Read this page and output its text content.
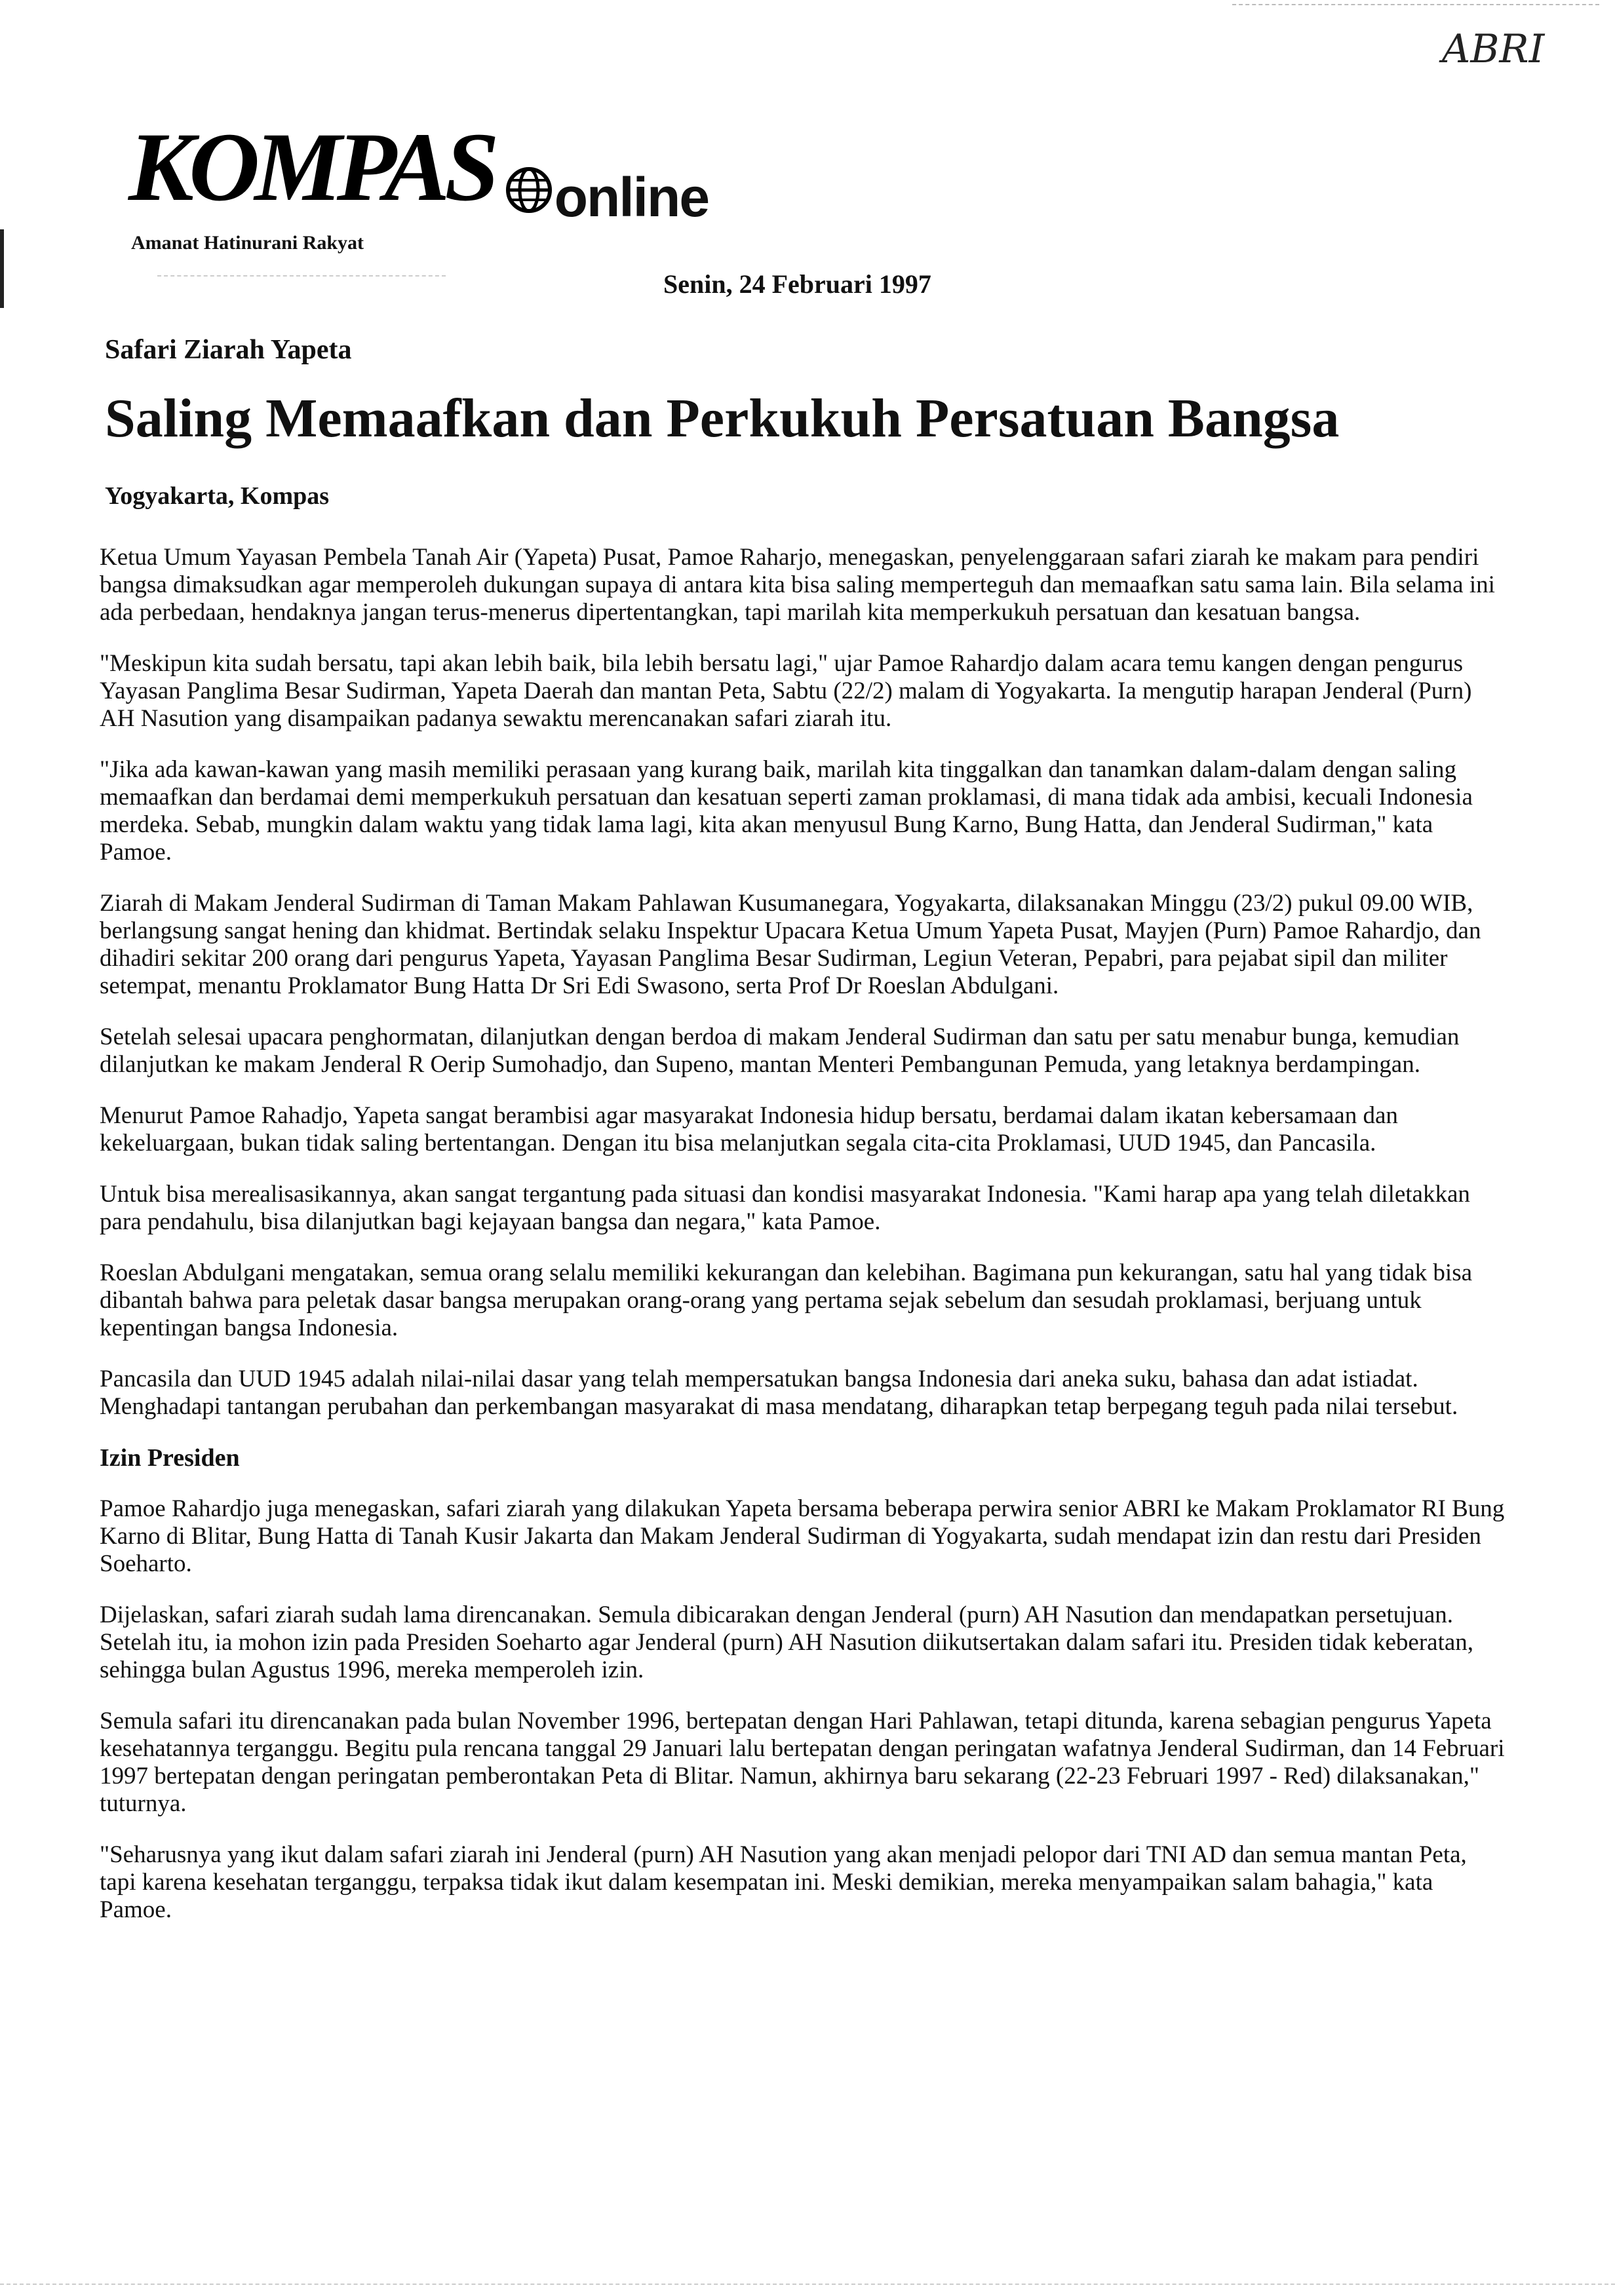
ABRI
KOMPAS online
Amanat Hatinurani Rakyat
Senin, 24 Februari 1997
Safari Ziarah Yapeta
Saling Memaafkan dan Perkukuh Persatuan Bangsa
Yogyakarta, Kompas

Ketua Umum Yayasan Pembela Tanah Air (Yapeta) Pusat, Pamoe Raharjo, menegaskan, penyelenggaraan safari ziarah ke makam para pendiri bangsa dimaksudkan agar memperoleh dukungan supaya di antara kita bisa saling memperteguh dan memaafkan satu sama lain. Bila selama ini ada perbedaan, hendaknya jangan terus-menerus dipertentangkan, tapi marilah kita memperkukuh persatuan dan kesatuan bangsa.

"Meskipun kita sudah bersatu, tapi akan lebih baik, bila lebih bersatu lagi," ujar Pamoe Rahardjo dalam acara temu kangen dengan pengurus Yayasan Panglima Besar Sudirman, Yapeta Daerah dan mantan Peta, Sabtu (22/2) malam di Yogyakarta. Ia mengutip harapan Jenderal (Purn) AH Nasution yang disampaikan padanya sewaktu merencanakan safari ziarah itu.

"Jika ada kawan-kawan yang masih memiliki perasaan yang kurang baik, marilah kita tinggalkan dan tanamkan dalam-dalam dengan saling memaafkan dan berdamai demi memperkukuh persatuan dan kesatuan seperti zaman proklamasi, di mana tidak ada ambisi, kecuali Indonesia merdeka. Sebab, mungkin dalam waktu yang tidak lama lagi, kita akan menyusul Bung Karno, Bung Hatta, dan Jenderal Sudirman," kata Pamoe.

Ziarah di Makam Jenderal Sudirman di Taman Makam Pahlawan Kusumanegara, Yogyakarta, dilaksanakan Minggu (23/2) pukul 09.00 WIB, berlangsung sangat hening dan khidmat. Bertindak selaku Inspektur Upacara Ketua Umum Yapeta Pusat, Mayjen (Purn) Pamoe Rahardjo, dan dihadiri sekitar 200 orang dari pengurus Yapeta, Yayasan Panglima Besar Sudirman, Legiun Veteran, Pepabri, para pejabat sipil dan militer setempat, menantu Proklamator Bung Hatta Dr Sri Edi Swasono, serta Prof Dr Roeslan Abdulgani.

Setelah selesai upacara penghormatan, dilanjutkan dengan berdoa di makam Jenderal Sudirman dan satu per satu menabur bunga, kemudian dilanjutkan ke makam Jenderal R Oerip Sumohadjo, dan Supeno, mantan Menteri Pembangunan Pemuda, yang letaknya berdampingan.

Menurut Pamoe Rahadjo, Yapeta sangat berambisi agar masyarakat Indonesia hidup bersatu, berdamai dalam ikatan kebersamaan dan kekeluargaan, bukan tidak saling bertentangan. Dengan itu bisa melanjutkan segala cita-cita Proklamasi, UUD 1945, dan Pancasila.

Untuk bisa merealisasikannya, akan sangat tergantung pada situasi dan kondisi masyarakat Indonesia. "Kami harap apa yang telah diletakkan para pendahulu, bisa dilanjutkan bagi kejayaan bangsa dan negara," kata Pamoe.

Roeslan Abdulgani mengatakan, semua orang selalu memiliki kekurangan dan kelebihan. Bagimana pun kekurangan, satu hal yang tidak bisa dibantah bahwa para peletak dasar bangsa merupakan orang-orang yang pertama sejak sebelum dan sesudah proklamasi, berjuang untuk kepentingan bangsa Indonesia.

Pancasila dan UUD 1945 adalah nilai-nilai dasar yang telah mempersatukan bangsa Indonesia dari aneka suku, bahasa dan adat istiadat. Menghadapi tantangan perubahan dan perkembangan masyarakat di masa mendatang, diharapkan tetap berpegang teguh pada nilai tersebut.

Izin Presiden

Pamoe Rahardjo juga menegaskan, safari ziarah yang dilakukan Yapeta bersama beberapa perwira senior ABRI ke Makam Proklamator RI Bung Karno di Blitar, Bung Hatta di Tanah Kusir Jakarta dan Makam Jenderal Sudirman di Yogyakarta, sudah mendapat izin dan restu dari Presiden Soeharto.

Dijelaskan, safari ziarah sudah lama direncanakan. Semula dibicarakan dengan Jenderal (purn) AH Nasution dan mendapatkan persetujuan. Setelah itu, ia mohon izin pada Presiden Soeharto agar Jenderal (purn) AH Nasution diikutsertakan dalam safari itu. Presiden tidak keberatan, sehingga bulan Agustus 1996, mereka memperoleh izin.

Semula safari itu direncanakan pada bulan November 1996, bertepatan dengan Hari Pahlawan, tetapi ditunda, karena sebagian pengurus Yapeta kesehatannya terganggu. Begitu pula rencana tanggal 29 Januari lalu bertepatan dengan peringatan wafatnya Jenderal Sudirman, dan 14 Februari 1997 bertepatan dengan peringatan pemberontakan Peta di Blitar. Namun, akhirnya baru sekarang (22-23 Februari 1997 - Red) dilaksanakan," tuturnya.

"Seharusnya yang ikut dalam safari ziarah ini Jenderal (purn) AH Nasution yang akan menjadi pelopor dari TNI AD dan semua mantan Peta, tapi karena kesehatan terganggu, terpaksa tidak ikut dalam kesempatan ini. Meski demikian, mereka menyampaikan salam bahagia," kata Pamoe.
